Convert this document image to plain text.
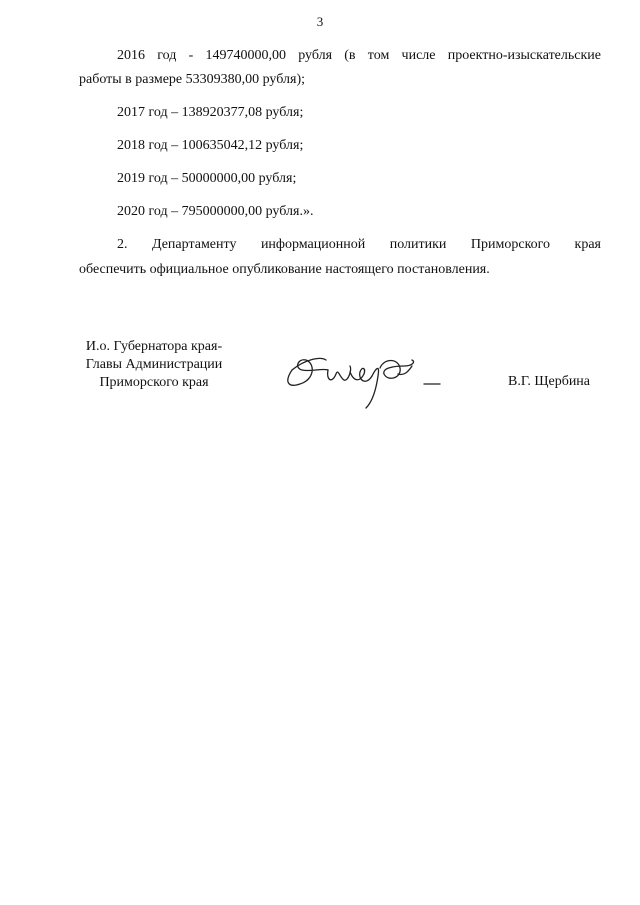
3

2016 год - 149740000,00 рубля (в том числе проектно-изыскательские

работы в размере 53309380,00 рубля);
2017 год – 138920377,08 рубля;
2018 год – 100635042,12 рубля;
2019 год – 50000000,00 рубля;
2020 год – 795000000,00 рубля.».

2. Департаменту информационной политики Приморского края

обеспечить официальное опубликование настоящего постановления.
И.о. Губернатора края-
Главы Администрации
Приморского края	В.Г. Щербина
